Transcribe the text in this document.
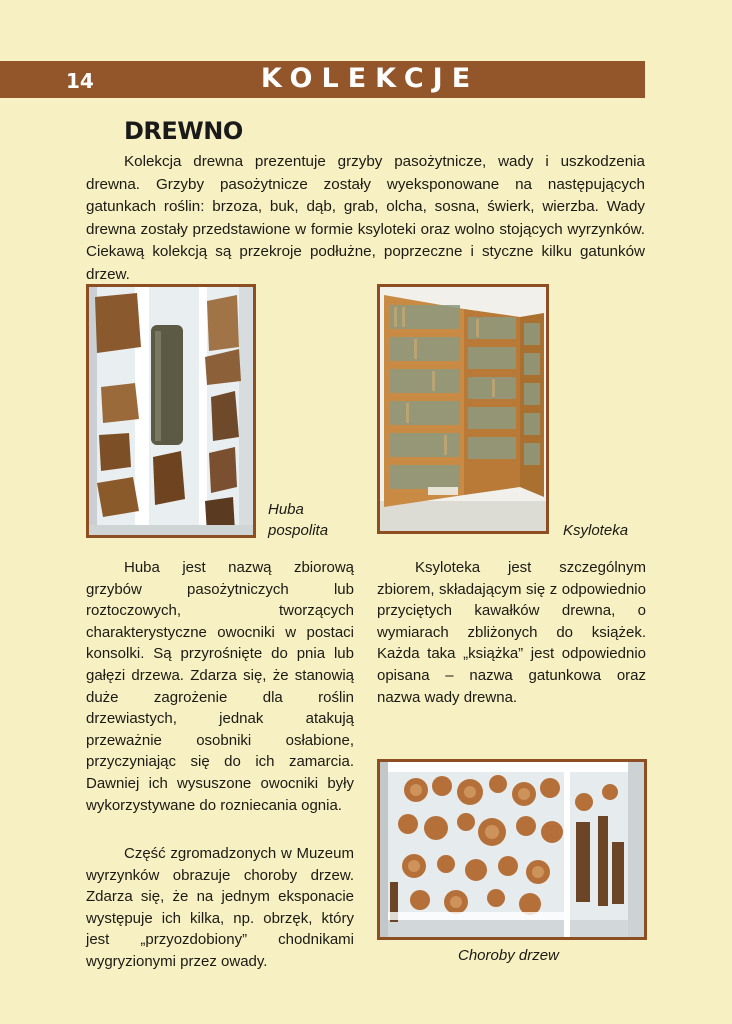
14	KOLEKCJE
DREWNO

Kolekcja drewna prezentuje grzyby pasożytnicze, wady i uszkodzenia drewna. Grzyby pasożytnicze zostały wyeksponowane na następujących gatunkach roślin: brzoza, buk, dąb, grab, olcha, sosna, świerk, wierzba. Wady drewna zostały przedstawione w formie ksyloteki oraz wolno stojących wyrzynków. Ciekawą kolekcją są przekroje podłużne, poprzeczne i styczne kilku gatunków drzew.

Huba
pospolita	Ksyloteka

Huba jest nazwą zbiorową grzybów pasożytniczych lub roztoczowych, tworzących charakterystyczne owocniki w postaci konsolki. Są przyrośnięte do pnia lub gałęzi drzewa. Zdarza się, że stanowią duże zagrożenie dla roślin drzewiastych, jednak atakują przeważnie osobniki osłabione, przyczyniając się do ich zamarcia. Dawniej ich wysuszone owocniki były wykorzystywane do rozniecania ognia.

Ksyloteka jest szczególnym zbiorem, składającym się z odpowiednio przyciętych kawałków drewna, o wymiarach zbliżonych do książek. Każda taka „książka” jest odpowiednio opisana – nazwa gatunkowa oraz nazwa wady drewna.

Część zgromadzonych w Muzeum wyrzynków obrazuje choroby drzew. Zdarza się, że na jednym eksponacie występuje ich kilka, np. obrzęk, który jest „przyozdobiony” chodnikami wygryzionymi przez owady.	Choroby drzew
